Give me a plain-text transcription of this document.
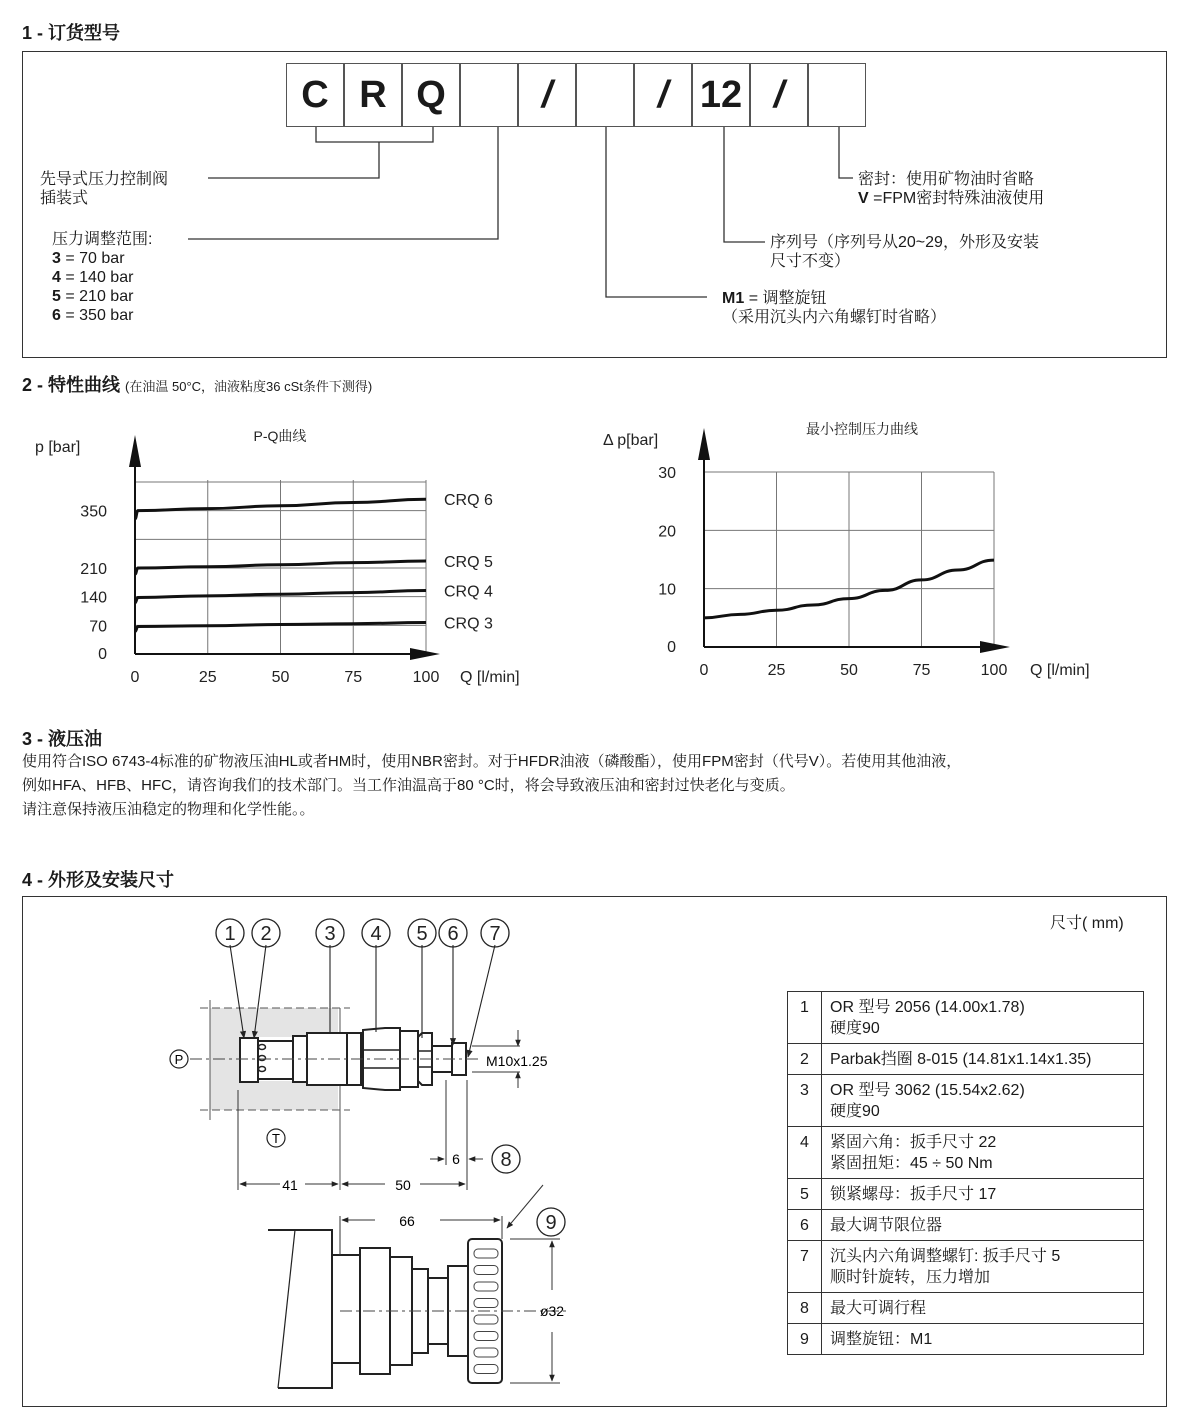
1 - 订货型号
C R Q	/	/ 12 /
先导式压力控制阀
插装式
压力调整范围:
3 = 70 bar
4 = 140 bar
5 = 210 bar
6 = 350 bar
密封：使用矿物油时省略
V =FPM密封特殊油液使用
序列号（序列号从20~29，外形及安装
尺寸不变）
M1 = 调整旋钮
（采用沉头内六角螺钉时省略）
2 - 特性曲线 (在油温 50°C，油液粘度36 cSt条件下测得)
0	25	50	75	100
0
70
140
210
350
P-Q曲线
p [bar]
Q [l/min]
CRQ 6
CRQ 5
CRQ 4
CRQ 3
0	25	50	75	100
0
10
20
30
最小控制压力曲线
Δ p[bar]
Q [l/min]
3 - 液压油
使用符合ISO 6743-4标准的矿物液压油HL或者HM时，使用NBR密封。对于HFDR油液（磷酸酯），使用FPM密封（代号V）。若使用其他油液，
例如HFA、HFB、HFC，请咨询我们的技术部门。当工作油温高于80 °C时，将会导致液压油和密封过快老化与变质。
请注意保持液压油稳定的物理和化学性能。。
4 - 外形及安装尺寸
尺寸( mm)
1 2	3 4 5 6 7
8
9
M10x1.25
P
T
41	50
6
66
ø32
1	OR 型号 2056 (14.00x1.78)
硬度90

2	Parbak挡圈 8-015 (14.81x1.14x1.35)

3	OR 型号 3062 (15.54x2.62)
硬度90

4	紧固六角：扳手尺寸 22
紧固扭矩：45 ÷ 50 Nm

5	锁紧螺母：扳手尺寸 17

6	最大调节限位器

7	沉头内六角调整螺钉: 扳手尺寸 5
顺时针旋转，压力增加

8	最大可调行程

9	调整旋钮：M1
